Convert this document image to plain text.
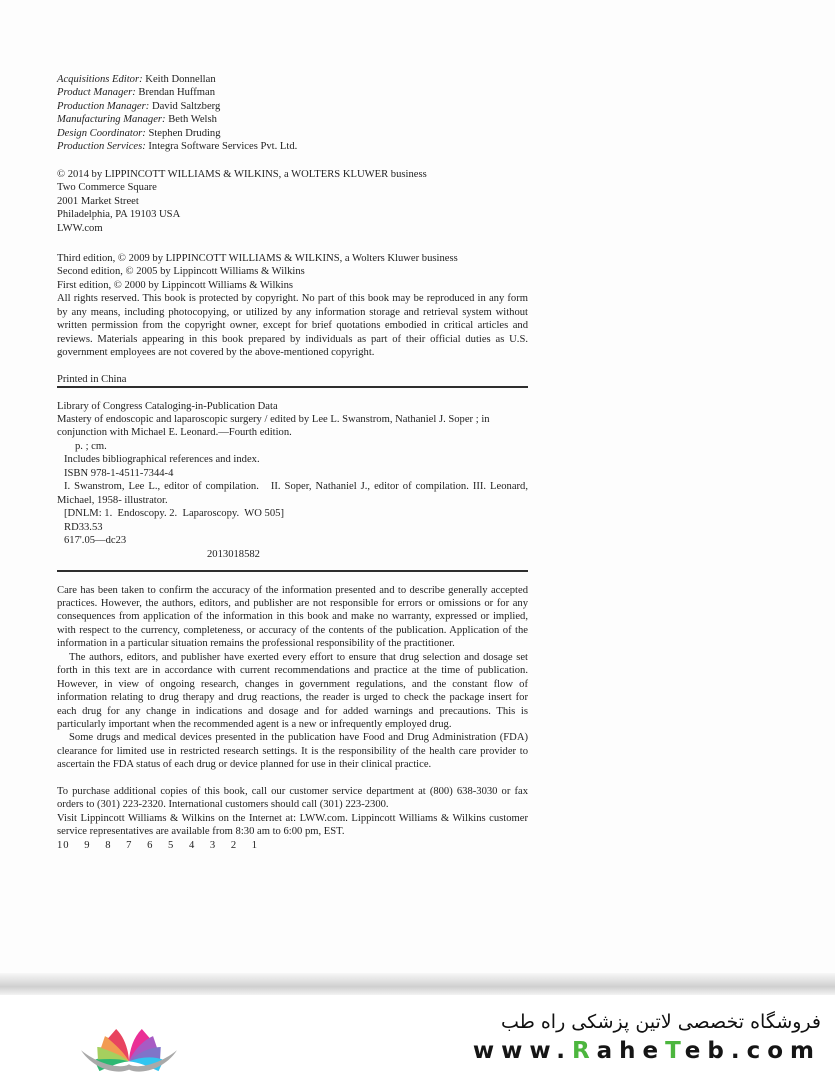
Acquisitions Editor: Keith Donnellan
Product Manager: Brendan Huffman
Production Manager: David Saltzberg
Manufacturing Manager: Beth Welsh
Design Coordinator: Stephen Druding
Production Services: Integra Software Services Pvt. Ltd.
© 2014 by LIPPINCOTT WILLIAMS & WILKINS, a WOLTERS KLUWER business
Two Commerce Square
2001 Market Street
Philadelphia, PA 19103 USA
LWW.com
Third edition, © 2009 by LIPPINCOTT WILLIAMS & WILKINS, a Wolters Kluwer business
Second edition, © 2005 by Lippincott Williams & Wilkins
First edition, © 2000 by Lippincott Williams & Wilkins

All rights reserved. This book is protected by copyright. No part of this book may be reproduced in any form by any means, including photocopying, or utilized by any information storage and retrieval system without written permission from the copyright owner, except for brief quotations embodied in critical articles and reviews. Materials appearing in this book prepared by individuals as part of their official duties as U.S. government employees are not covered by the above-mentioned copyright.

Printed in China

Library of Congress Cataloging-in-Publication Data
Mastery of endoscopic and laparoscopic surgery / edited by Lee L. Swanstrom, Nathaniel J. Soper ; in conjunction with Michael E. Leonard.—Fourth edition.
p. ; cm.
Includes bibliographical references and index.
ISBN 978-1-4511-7344-4
I. Swanstrom, Lee L., editor of compilation.   II. Soper, Nathaniel J., editor of compilation. III. Leonard, Michael, 1958- illustrator.
[DNLM: 1.  Endoscopy. 2.  Laparoscopy.  WO 505]
RD33.53
617'.05—dc23
2013018582

Care has been taken to confirm the accuracy of the information presented and to describe generally accepted practices. However, the authors, editors, and publisher are not responsible for errors or omissions or for any consequences from application of the information in this book and make no warranty, expressed or implied, with respect to the currency, completeness, or accuracy of the contents of the publication. Application of the information in a particular situation remains the professional responsibility of the practitioner.

The authors, editors, and publisher have exerted every effort to ensure that drug selection and dosage set forth in this text are in accordance with current recommendations and practice at the time of publication. However, in view of ongoing research, changes in government regulations, and the constant flow of information relating to drug therapy and drug reactions, the reader is urged to check the package insert for each drug for any change in indications and dosage and for added warnings and precautions. This is particularly important when the recommended agent is a new or infrequently employed drug.

Some drugs and medical devices presented in the publication have Food and Drug Administration (FDA) clearance for limited use in restricted research settings. It is the responsibility of the health care provider to ascertain the FDA status of each drug or device planned for use in their clinical practice.

To purchase additional copies of this book, call our customer service department at (800) 638-3030 or fax orders to (301) 223-2320. International customers should call (301) 223-2300.

Visit Lippincott Williams & Wilkins on the Internet at: LWW.com. Lippincott Williams & Wilkins customer service representatives are available from 8:30 am to 6:00 pm, EST.

10 9 8 7 6 5 4 3 2 1
فروشگاه تخصصی لاتین پزشکی راه طب
www.RaheTeb.com
